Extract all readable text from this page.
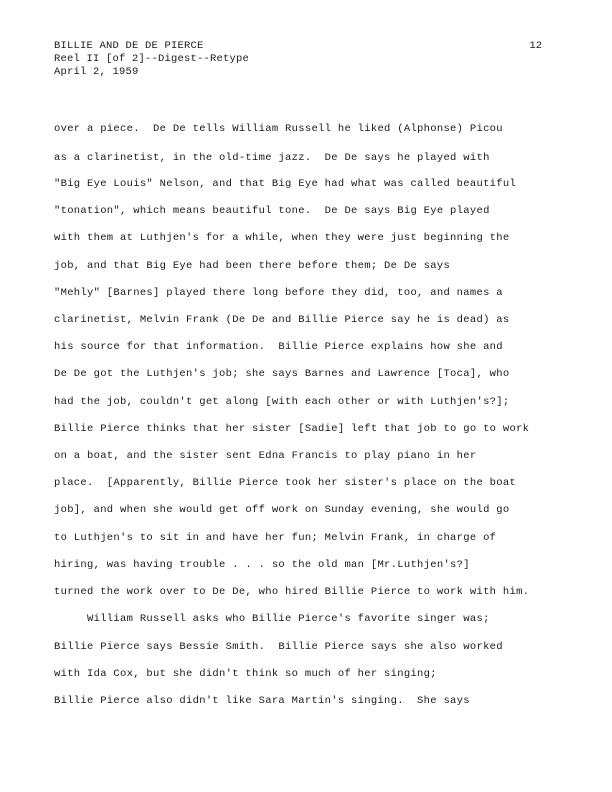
BILLIE AND DE DE PIERCE
Reel II [of 2]--Digest--Retype
April 2, 1959
12
over a piece.  De De tells William Russell he liked (Alphonse) Picou
as a clarinetist, in the old-time jazz.  De De says he played with
"Big Eye Louis" Nelson, and that Big Eye had what was called beautiful
"tonation", which means beautiful tone.  De De says Big Eye played
with them at Luthjen's for a while, when they were just beginning the
job, and that Big Eye had been there before them; De De says
"Mehly" [Barnes] played there long before they did, too, and names a
clarinetist, Melvin Frank (De De and Billie Pierce say he is dead) as
his source for that information.  Billie Pierce explains how she and
De De got the Luthjen's job; she says Barnes and Lawrence [Toca], who
had the job, couldn't get along [with each other or with Luthjen's?];
Billie Pierce thinks that her sister [Sadie] left that job to go to work
on a boat, and the sister sent Edna Francis to play piano in her
place.  [Apparently, Billie Pierce took her sister's place on the boat
job], and when she would get off work on Sunday evening, she would go
to Luthjen's to sit in and have her fun; Melvin Frank, in charge of
hiring, was having trouble . . . so the old man [Mr.Luthjen's?]
turned the work over to De De, who hired Billie Pierce to work with him.
William Russell asks who Billie Pierce's favorite singer was;
Billie Pierce says Bessie Smith.  Billie Pierce says she also worked
with Ida Cox, but she didn't think so much of her singing;
Billie Pierce also didn't like Sara Martin's singing.  She says
